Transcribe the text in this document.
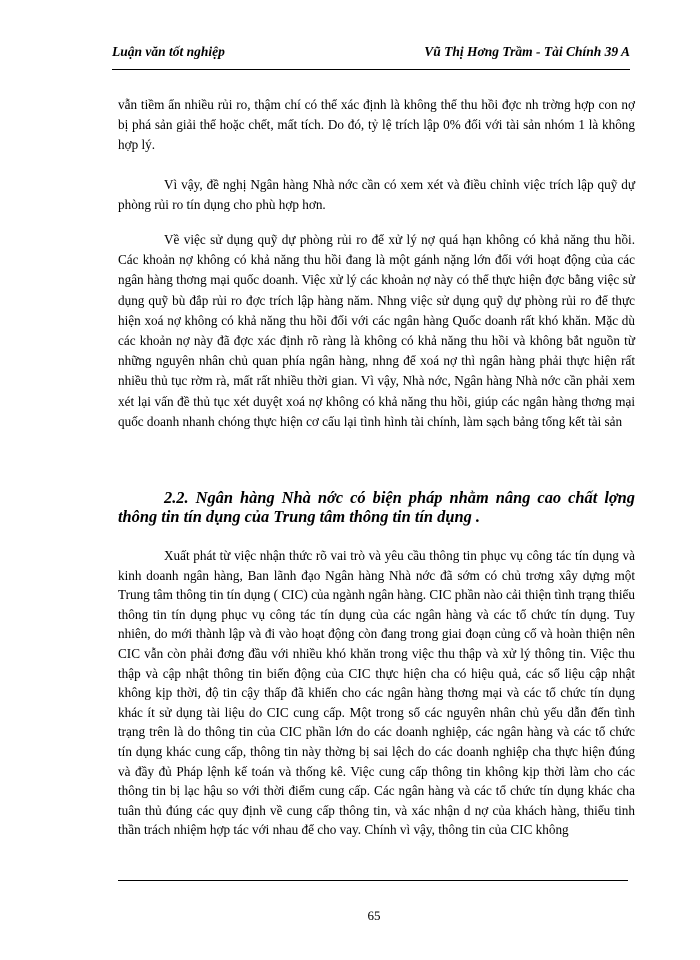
Luận văn tốt nghiệp	Vũ Thị Hơng Trầm - Tài Chính 39 A

vẫn tiềm ẩn nhiều rủi ro, thậm chí có thể xác định là không thể thu hồi đợc nh trờng hợp con nợ bị phá sản giải thể hoặc chết, mất tích. Do đó, tỷ lệ trích lập 0% đối với tài sản nhóm 1 là không hợp lý.

Vì vậy, đề nghị Ngân hàng Nhà nớc cần có xem xét và điều chỉnh việc trích lập quỹ dự phòng rủi ro tín dụng cho phù hợp hơn.

Về việc sử dụng quỹ dự phòng rủi ro để xử lý nợ quá hạn không có khả năng thu hồi. Các khoản nợ không có khả năng thu hồi đang là một gánh nặng lớn đối với hoạt động của các ngân hàng thơng mại quốc doanh. Việc xử lý các khoản nợ này có thể thực hiện đợc bằng việc sử dụng quỹ bù đắp rủi ro đợc trích lập hàng năm. Nhng việc sử dụng quỹ dự phòng rủi ro để thực hiện xoá nợ không có khả năng thu hồi đối với các ngân hàng Quốc doanh rất khó khăn. Mặc dù các khoản nợ này đã đợc xác định rõ ràng là không có khả năng thu hồi và không bắt nguồn từ những nguyên nhân chủ quan phía ngân hàng, nhng để xoá nợ thì ngân hàng phải thực hiện rất nhiều thủ tục rờm rà, mất rất nhiều thời gian. Vì vậy, Nhà nớc, Ngân hàng Nhà nớc cần phải xem xét lại vấn đề thủ tục xét duyệt xoá nợ không có khả năng thu hồi, giúp các ngân hàng thơng mại quốc doanh nhanh chóng thực hiện cơ cấu lại tình hình tài chính, làm sạch bảng tổng kết tài sản

2.2. Ngân hàng Nhà nớc có biện pháp nhằm nâng cao chất lợng thông tin tín dụng của Trung tâm thông tin tín dụng .

Xuất phát từ việc nhận thức rõ vai trò và yêu cầu thông tin phục vụ công tác tín dụng và kinh doanh ngân hàng, Ban lãnh đạo Ngân hàng Nhà nớc đã sớm có chủ trơng xây dựng một Trung tâm thông tin tín dụng ( CIC) của ngành ngân hàng. CIC phần nào cải thiện tình trạng thiếu thông tin tín dụng phục vụ công tác tín dụng của các ngân hàng và các tổ chức tín dụng. Tuy nhiên, do mới thành lập và đi vào hoạt động còn đang trong giai đoạn củng cố và hoàn thiện nên CIC vẫn còn phải đơng đầu với nhiều khó khăn trong việc thu thập và xử lý thông tin. Việc thu thập và cập nhật thông tin biến động của CIC thực hiện cha có hiệu quả, các số liệu cập nhật không kịp thời, độ tin cậy thấp đã khiến cho các ngân hàng thơng mại và các tổ chức tín dụng khác ít sử dụng tài liệu do CIC cung cấp. Một trong số các nguyên nhân chủ yếu dẫn đến tình trạng trên là do thông tin của CIC phần lớn do các doanh nghiệp, các ngân hàng và các tổ chức tín dụng khác cung cấp, thông tin này thờng bị sai lệch do các doanh nghiệp cha thực hiện đúng và đầy đủ Pháp lệnh kế toán và thống kê. Việc cung cấp thông tin không kịp thời làm cho các thông tin bị lạc hậu so với thời điểm cung cấp. Các ngân hàng và các tổ chức tín dụng khác cha tuân thủ đúng các quy định về cung cấp thông tin, và xác nhận d nợ của khách hàng, thiếu tinh thần trách nhiệm hợp tác với nhau để cho vay. Chính vì vậy, thông tin của CIC không

65
